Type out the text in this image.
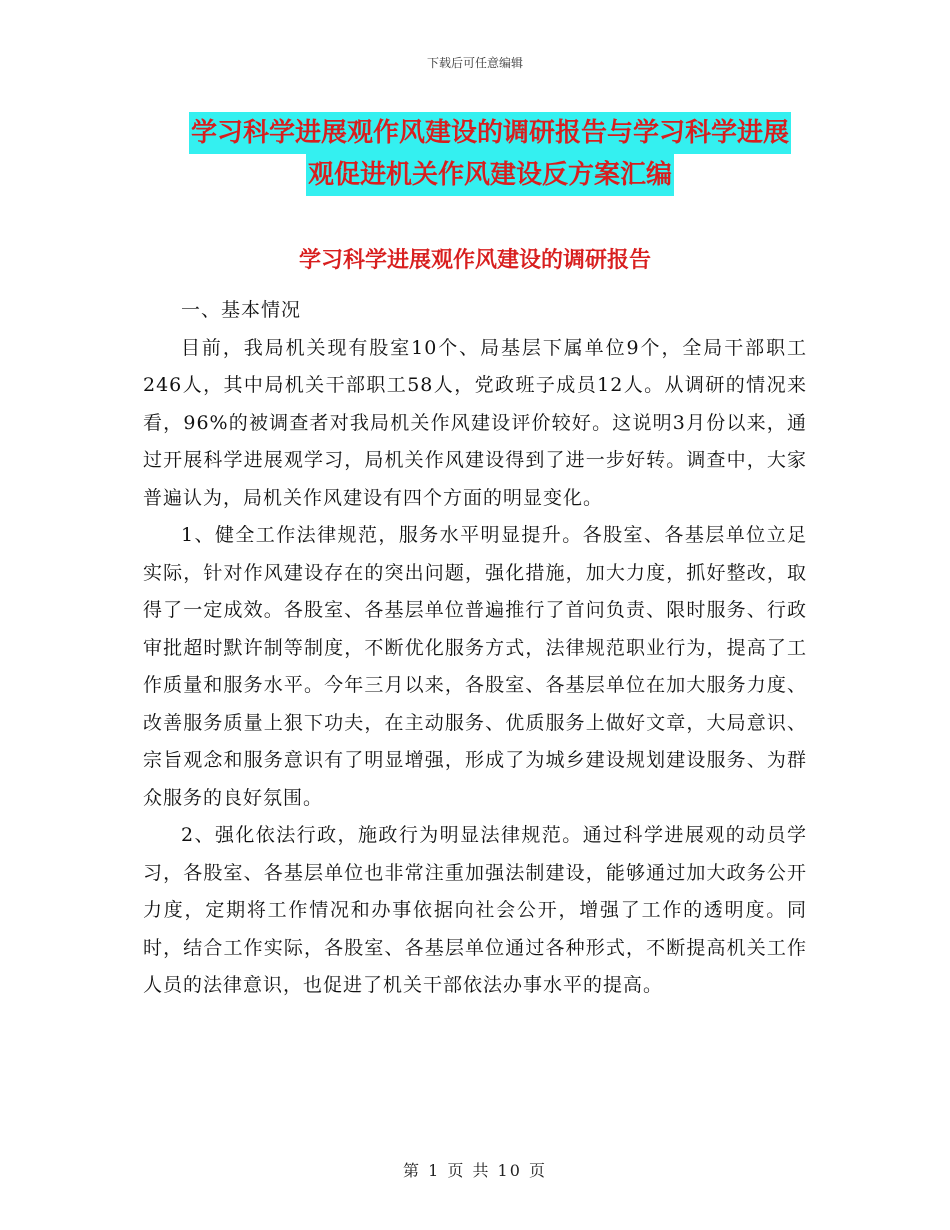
下载后可任意编辑
学习科学进展观作风建设的调研报告与学习科学进展
观促进机关作风建设反方案汇编
学习科学进展观作风建设的调研报告

一、基本情况

目前，我局机关现有股室10个、局基层下属单位9个，全局干部职工246人，其中局机关干部职工58人，党政班子成员12人。从调研的情况来看，96%的被调查者对我局机关作风建设评价较好。这说明3月份以来，通过开展科学进展观学习，局机关作风建设得到了进一步好转。调查中，大家普遍认为，局机关作风建设有四个方面的明显变化。

1、健全工作法律规范，服务水平明显提升。各股室、各基层单位立足实际，针对作风建设存在的突出问题，强化措施，加大力度，抓好整改，取得了一定成效。各股室、各基层单位普遍推行了首问负责、限时服务、行政审批超时默许制等制度，不断优化服务方式，法律规范职业行为，提高了工作质量和服务水平。今年三月以来，各股室、各基层单位在加大服务力度、改善服务质量上狠下功夫，在主动服务、优质服务上做好文章，大局意识、宗旨观念和服务意识有了明显增强，形成了为城乡建设规划建设服务、为群众服务的良好氛围。

2、强化依法行政，施政行为明显法律规范。通过科学进展观的动员学习，各股室、各基层单位也非常注重加强法制建设，能够通过加大政务公开力度，定期将工作情况和办事依据向社会公开，增强了工作的透明度。同时，结合工作实际，各股室、各基层单位通过各种形式，不断提高机关工作人员的法律意识，也促进了机关干部依法办事水平的提高。

第 1 页 共 10 页
